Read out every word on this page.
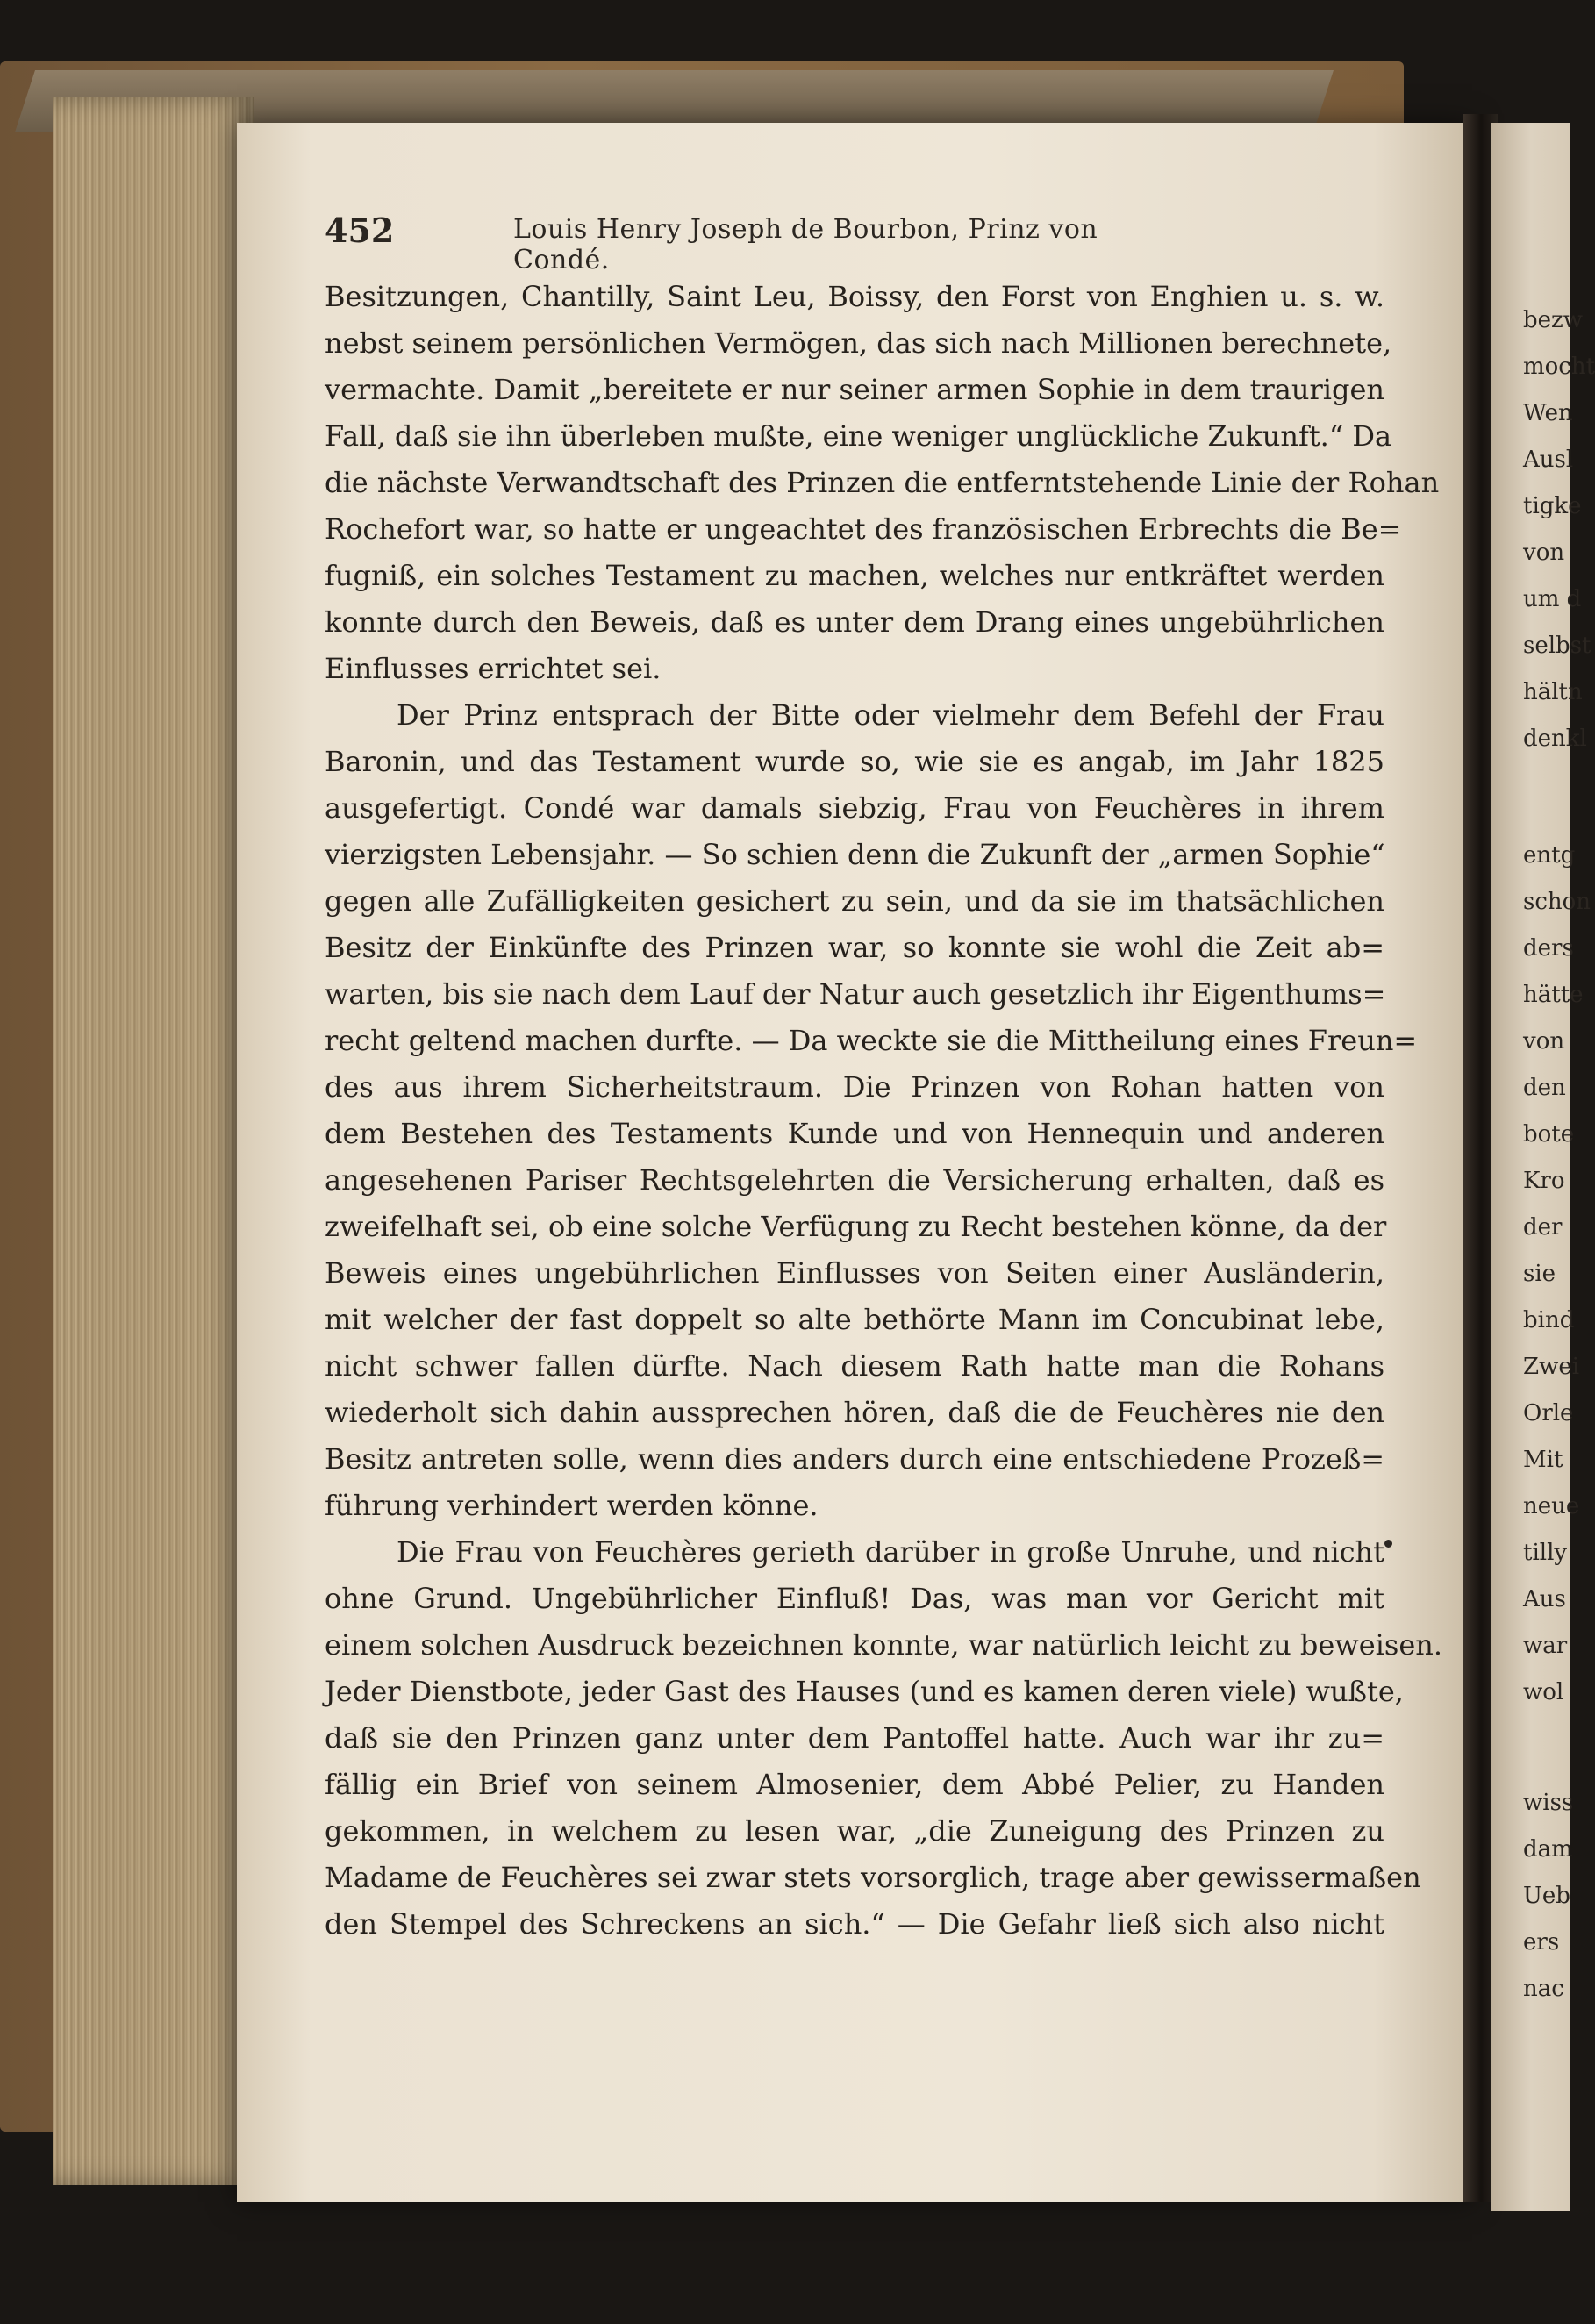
452	Louis Henry Joseph de Bourbon, Prinz von Condé.
Besitzungen, Chantilly, Saint Leu, Boissy, den Forst von Enghien u. s. w.
nebst seinem persönlichen Vermögen, das sich nach Millionen berechnete,
vermachte. Damit „bereitete er nur seiner armen Sophie in dem traurigen
Fall, daß sie ihn überleben mußte, eine weniger unglückliche Zukunft.“ Da
die nächste Verwandtschaft des Prinzen die entferntstehende Linie der Rohan
Rochefort war, so hatte er ungeachtet des französischen Erbrechts die Be=
fugniß, ein solches Testament zu machen, welches nur entkräftet werden
konnte durch den Beweis, daß es unter dem Drang eines ungebührlichen
Einflusses errichtet sei.
Der Prinz entsprach der Bitte oder vielmehr dem Befehl der Frau
Baronin, und das Testament wurde so, wie sie es angab, im Jahr 1825
ausgefertigt. Condé war damals siebzig, Frau von Feuchères in ihrem
vierzigsten Lebensjahr. — So schien denn die Zukunft der „armen Sophie“
gegen alle Zufälligkeiten gesichert zu sein, und da sie im thatsächlichen
Besitz der Einkünfte des Prinzen war, so konnte sie wohl die Zeit ab=
warten, bis sie nach dem Lauf der Natur auch gesetzlich ihr Eigenthums=
recht geltend machen durfte. — Da weckte sie die Mittheilung eines Freun=
des aus ihrem Sicherheitstraum. Die Prinzen von Rohan hatten von
dem Bestehen des Testaments Kunde und von Hennequin und anderen
angesehenen Pariser Rechtsgelehrten die Versicherung erhalten, daß es
zweifelhaft sei, ob eine solche Verfügung zu Recht bestehen könne, da der
Beweis eines ungebührlichen Einflusses von Seiten einer Ausländerin,
mit welcher der fast doppelt so alte bethörte Mann im Concubinat lebe,
nicht schwer fallen dürfte. Nach diesem Rath hatte man die Rohans
wiederholt sich dahin aussprechen hören, daß die de Feuchères nie den
Besitz antreten solle, wenn dies anders durch eine entschiedene Prozeß=
führung verhindert werden könne.
Die Frau von Feuchères gerieth darüber in große Unruhe, und nicht
ohne Grund. Ungebührlicher Einfluß! Das, was man vor Gericht mit
einem solchen Ausdruck bezeichnen konnte, war natürlich leicht zu beweisen.
Jeder Dienstbote, jeder Gast des Hauses (und es kamen deren viele) wußte,
daß sie den Prinzen ganz unter dem Pantoffel hatte. Auch war ihr zu=
fällig ein Brief von seinem Almosenier, dem Abbé Pelier, zu Handen
gekommen, in welchem zu lesen war, „die Zuneigung des Prinzen zu
Madame de Feuchères sei zwar stets vorsorglich, trage aber gewissermaßen
den Stempel des Schreckens an sich.“ — Die Gefahr ließ sich also nicht
bezw
mocht
Wen
Ausl
tigke
von
um d
selbst
hältn
denkl
entg
schon
ders
hätte
von
den
bote
Kro
der
sie
bind
Zwei
Orle
Mit
neue
tilly
Aus
war
wol
wiss
dam
Ueb
ers
nac
